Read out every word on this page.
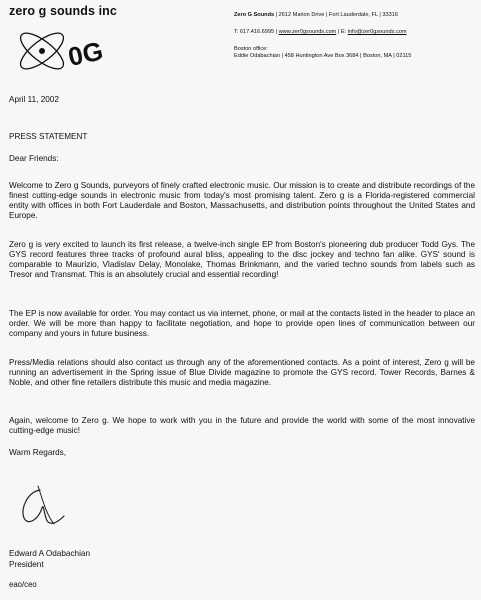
zero g sounds inc
0G
Zero G Sounds | 2612 Marion Drive | Fort Lauderdale, FL | 33316
T: 617.416.6995 | www.zer0gsounds.com | E: info@zer0gsounds.com
Boston office:
Eddie Odabachian | 458 Huntington Ave Box 3684 | Boston, MA | 02115
April 11, 2002
PRESS STATEMENT
Dear Friends:
Welcome to Zero g Sounds, purveyors of finely crafted electronic music. Our mission is to create and distribute recordings of the finest cutting-edge sounds in electronic music from today's most promising talent. Zero g is a Florida-registered commercial entity with offices in both Fort Lauderdale and Boston, Massachusetts, and distribution points throughout the United States and Europe.
Zero g is very excited to launch its first release, a twelve-inch single EP from Boston's pioneering dub producer Todd Gys. The GYS record features three tracks of profound aural bliss, appealing to the disc jockey and techno fan alike. GYS' sound is comparable to Maurizio, Vladislav Delay, Monolake, Thomas Brinkmann, and the varied techno sounds from labels such as Tresor and Transmat. This is an absolutely crucial and essential recording!
The EP is now available for order. You may contact us via internet, phone, or mail at the contacts listed in the header to place an order. We will be more than happy to facilitate negotiation, and hope to provide open lines of communication between our company and yours in future business.
Press/Media relations should also contact us through any of the aforementioned contacts. As a point of interest, Zero g will be running an advertisement in the Spring issue of Blue Divide magazine to promote the GYS record. Tower Records, Barnes & Noble, and other fine retailers distribute this music and media magazine.
Again, welcome to Zero g. We hope to work with you in the future and provide the world with some of the most innovative cutting-edge music!
Warm Regards,
Edward A Odabachian
President
eao/ceo
